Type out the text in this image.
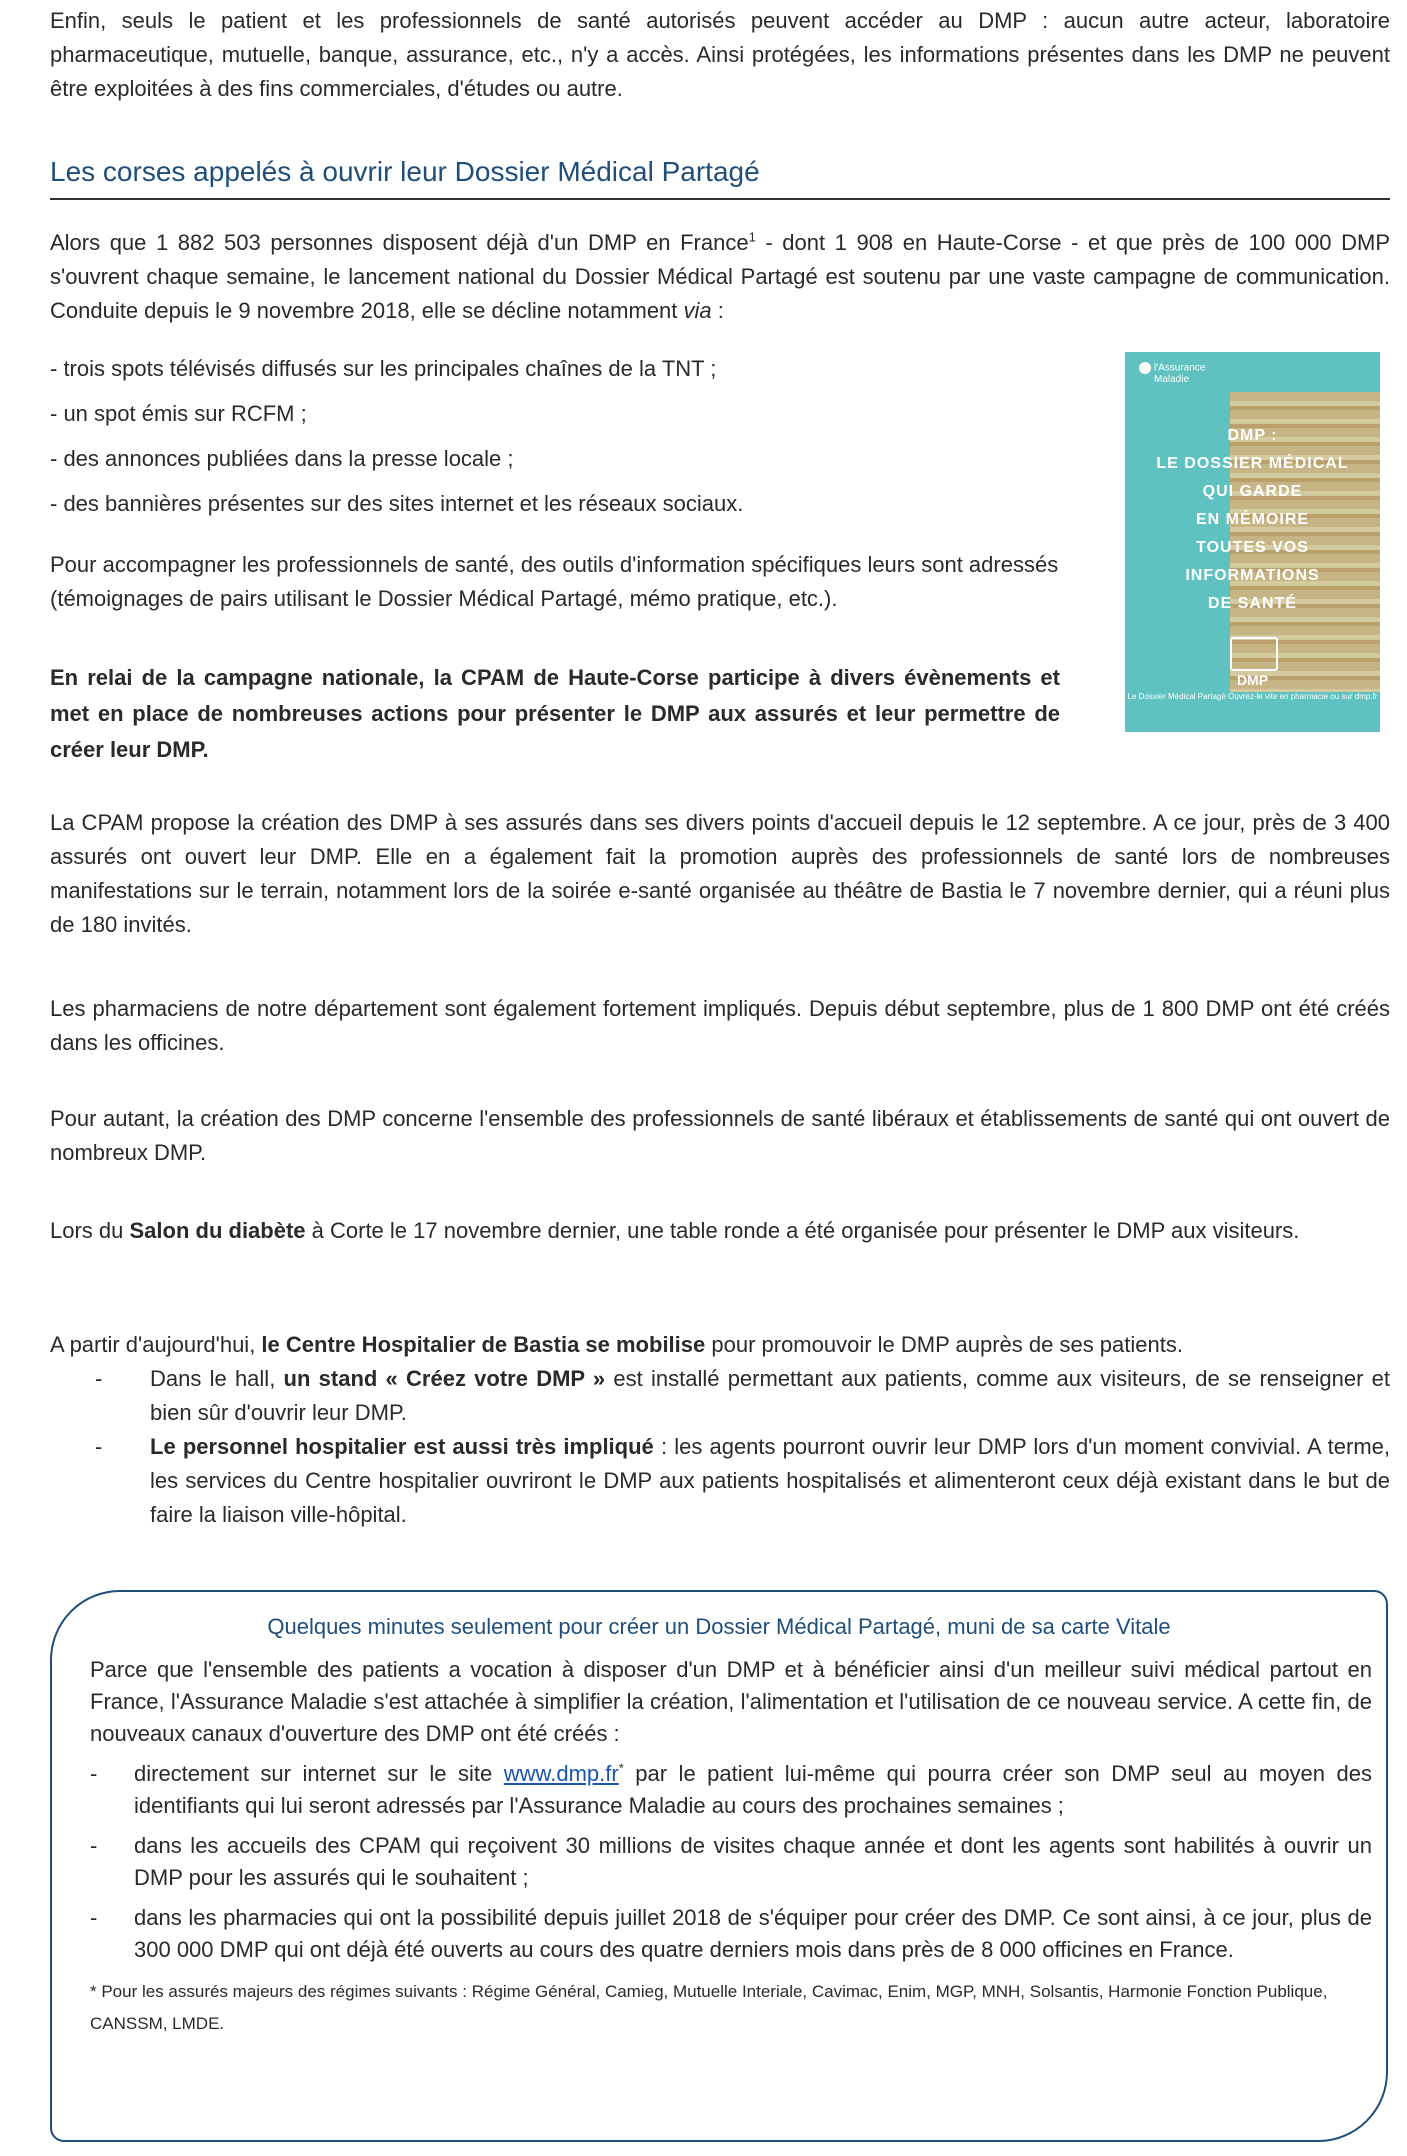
Enfin, seuls le patient et les professionnels de santé autorisés peuvent accéder au DMP : aucun autre acteur, laboratoire pharmaceutique, mutuelle, banque, assurance, etc., n'y a accès. Ainsi protégées, les informations présentes dans les DMP ne peuvent être exploitées à des fins commerciales, d'études ou autre.

Les corses appelés à ouvrir leur Dossier Médical Partagé

Alors que 1 882 503 personnes disposent déjà d'un DMP en France$^1$ - dont 1 908 en Haute-Corse - et que près de 100 000 DMP s'ouvrent chaque semaine, le lancement national du Dossier Médical Partagé est soutenu par une vaste campagne de communication. Conduite depuis le 9 novembre 2018, elle se décline notamment via :

- trois spots télévisés diffusés sur les principales chaînes de la TNT ;

- un spot émis sur RCFM ;

- des annonces publiées dans la presse locale ;

- des bannières présentes sur des sites internet et les réseaux sociaux.

Pour accompagner les professionnels de santé, des outils d'information spécifiques leurs sont adressés (témoignages de pairs utilisant le Dossier Médical Partagé, mémo pratique, etc.).

En relai de la campagne nationale, la CPAM de Haute-Corse participe à divers évènements et met en place de nombreuses actions pour présenter le DMP aux assurés et leur permettre de créer leur DMP.

l'Assurance
Maladie
DMP :
LE DOSSIER MÉDICAL
QUI GARDE
EN MÉMOIRE
TOUTES VOS
INFORMATIONS
DE SANTÉ
DMP
Le Dossier Médical Partagé Ouvrez-le vite en pharmacie ou sur dmp.fr

La CPAM propose la création des DMP à ses assurés dans ses divers points d'accueil depuis le 12 septembre. A ce jour, près de 3 400 assurés ont ouvert leur DMP. Elle en a également fait la promotion auprès des professionnels de santé lors de nombreuses manifestations sur le terrain, notamment lors de la soirée e-santé organisée au théâtre de Bastia le 7 novembre dernier, qui a réuni plus de 180 invités.

Les pharmaciens de notre département sont également fortement impliqués. Depuis début septembre, plus de 1 800 DMP ont été créés dans les officines.

Pour autant, la création des DMP concerne l'ensemble des professionnels de santé libéraux et établissements de santé qui ont ouvert de nombreux DMP.

Lors du Salon du diabète à Corte le 17 novembre dernier, une table ronde a été organisée pour présenter le DMP aux visiteurs.

A partir d'aujourd'hui, le Centre Hospitalier de Bastia se mobilise pour promouvoir le DMP auprès de ses patients.

- Dans le hall, un stand « Créez votre DMP » est installé permettant aux patients, comme aux visiteurs, de se renseigner et bien sûr d'ouvrir leur DMP.
- Le personnel hospitalier est aussi très impliqué : les agents pourront ouvrir leur DMP lors d'un moment convivial. A terme, les services du Centre hospitalier ouvriront le DMP aux patients hospitalisés et alimenteront ceux déjà existant dans le but de faire la liaison ville-hôpital.
Quelques minutes seulement pour créer un Dossier Médical Partagé, muni de sa carte Vitale

Parce que l'ensemble des patients a vocation à disposer d'un DMP et à bénéficier ainsi d'un meilleur suivi médical partout en France, l'Assurance Maladie s'est attachée à simplifier la création, l'alimentation et l'utilisation de ce nouveau service. A cette fin, de nouveaux canaux d'ouverture des DMP ont été créés :

- directement sur internet sur le site www.dmp.fr* par le patient lui-même qui pourra créer son DMP seul au moyen des identifiants qui lui seront adressés par l'Assurance Maladie au cours des prochaines semaines ;
- dans les accueils des CPAM qui reçoivent 30 millions de visites chaque année et dont les agents sont habilités à ouvrir un DMP pour les assurés qui le souhaitent ;
- dans les pharmacies qui ont la possibilité depuis juillet 2018 de s'équiper pour créer des DMP. Ce sont ainsi, à ce jour, plus de 300 000 DMP qui ont déjà été ouverts au cours des quatre derniers mois dans près de 8 000 officines en France.

* Pour les assurés majeurs des régimes suivants : Régime Général, Camieg, Mutuelle Interiale, Cavimac, Enim, MGP, MNH, Solsantis, Harmonie Fonction Publique, CANSSM, LMDE.
